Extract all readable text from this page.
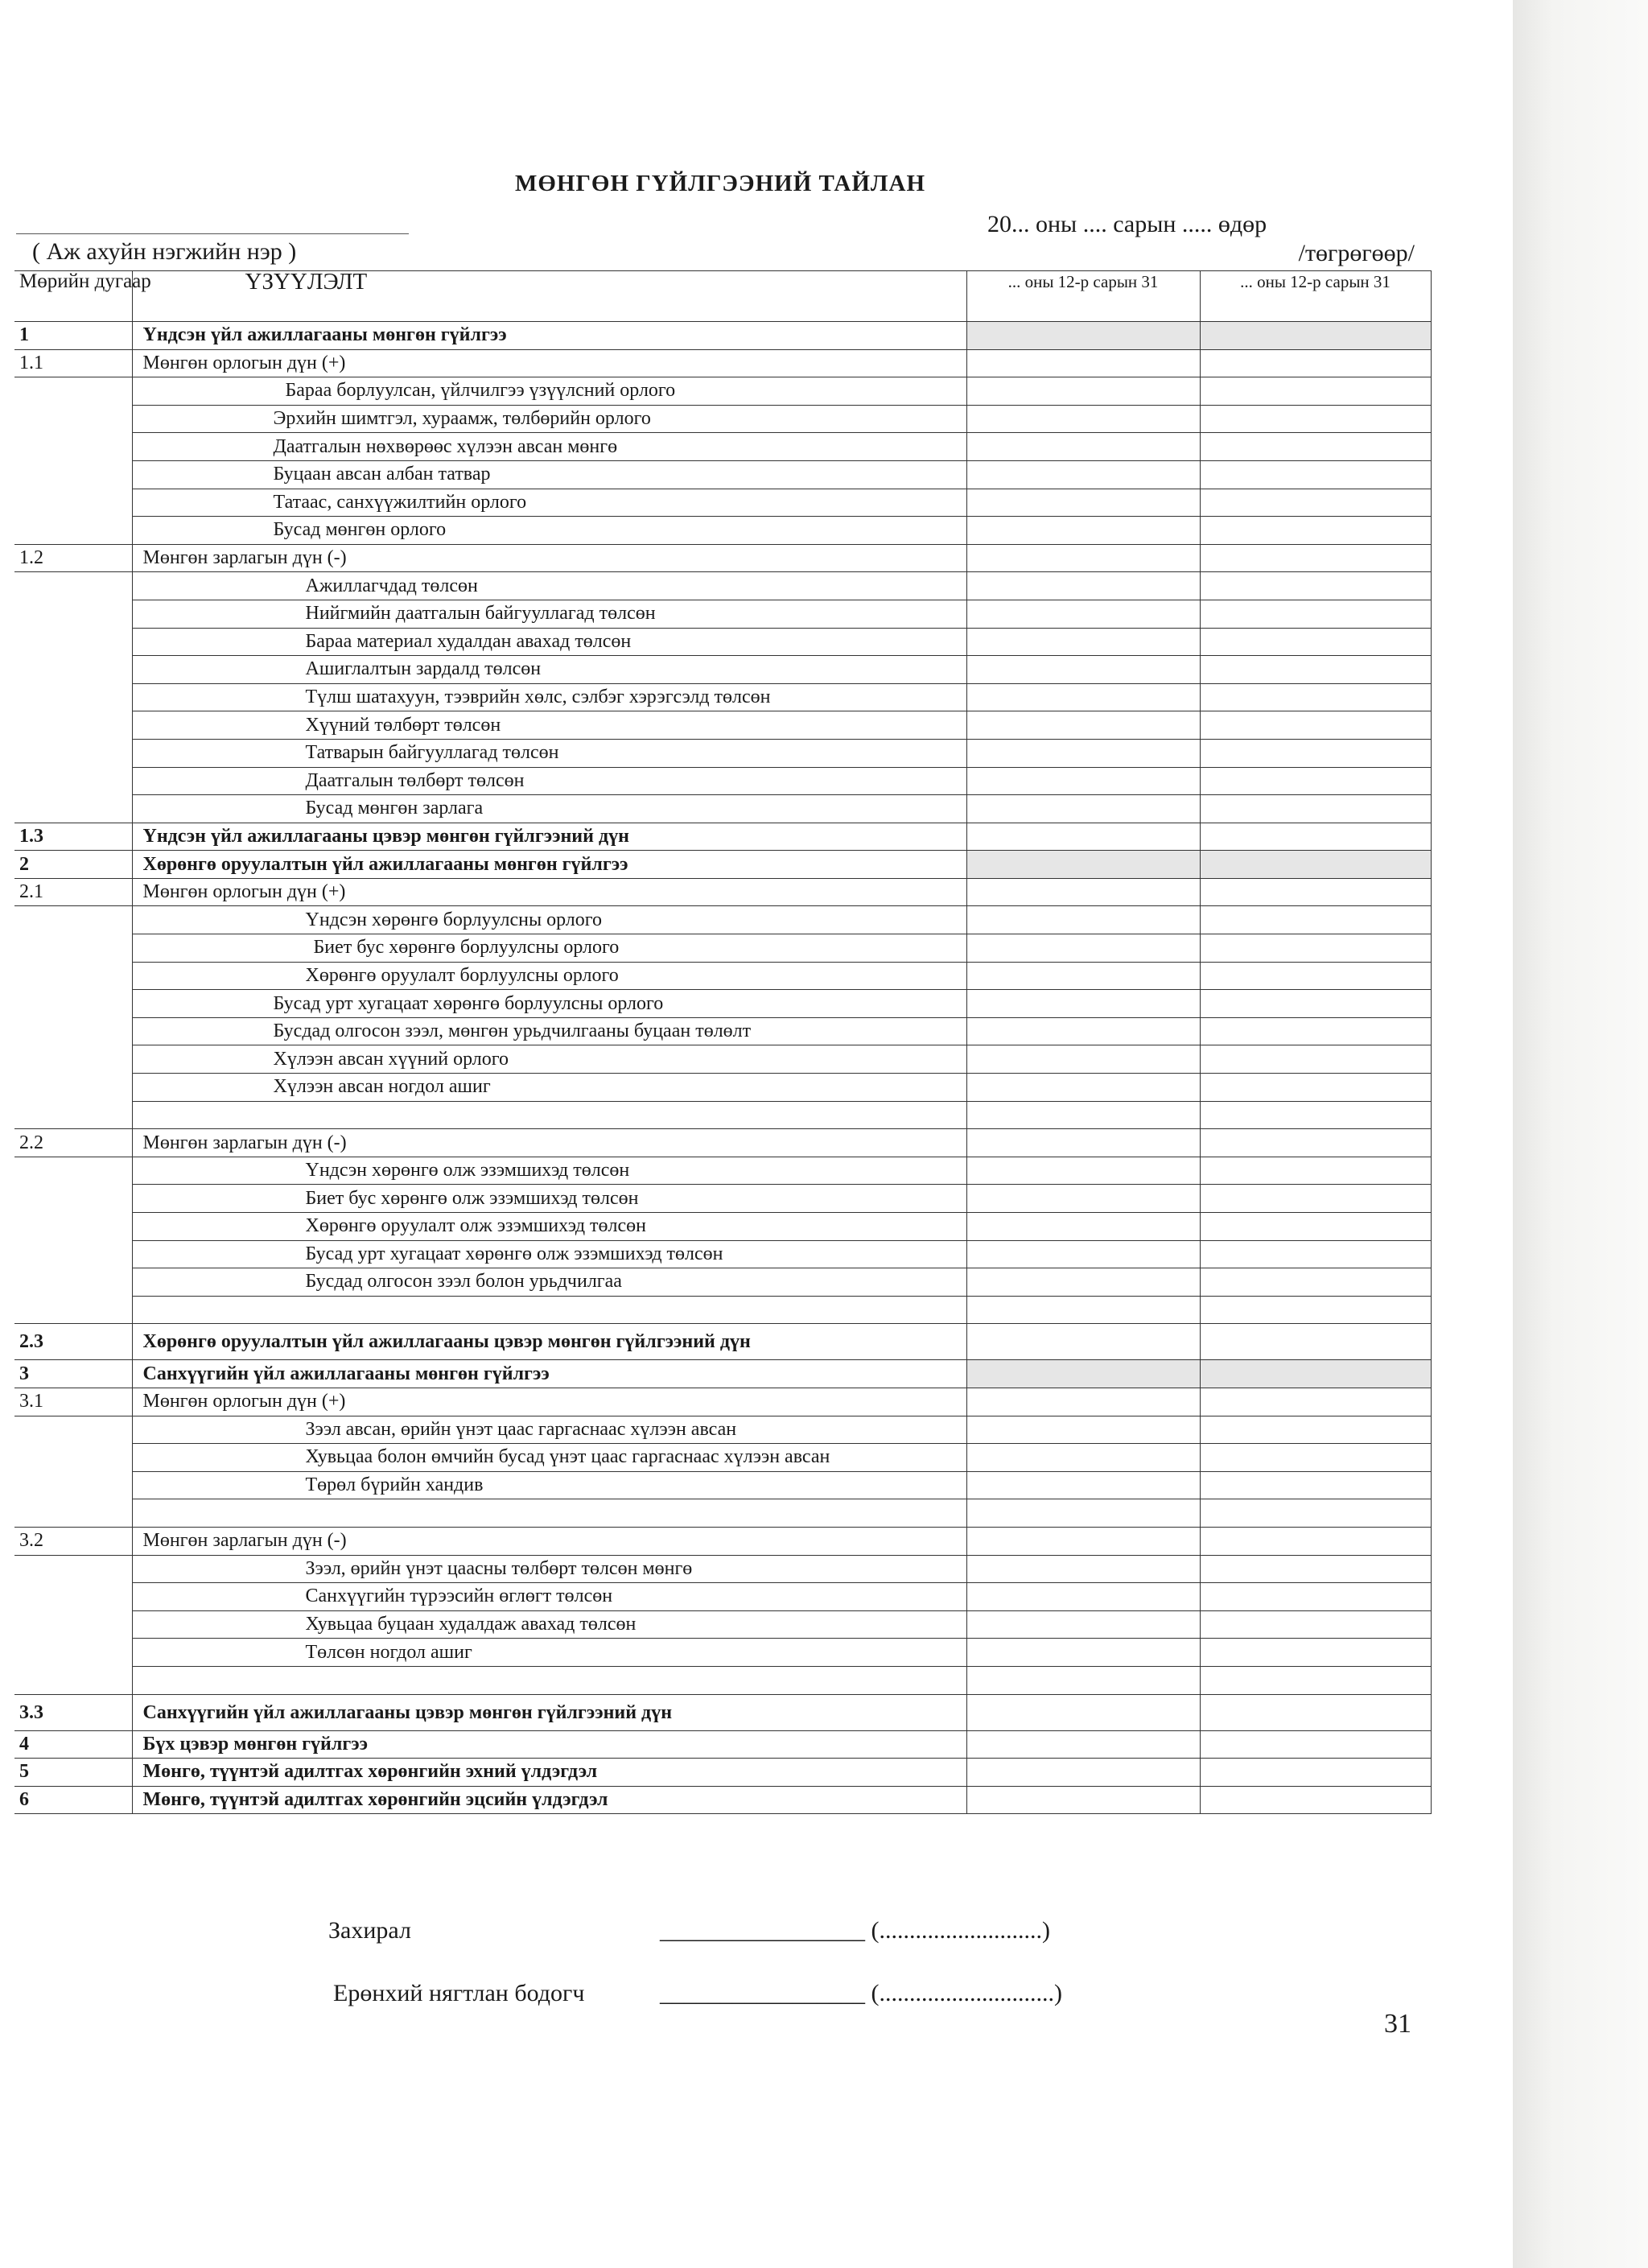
МӨНГӨН ГҮЙЛГЭЭНИЙ ТАЙЛАН
20... оны .... сарын ..... өдөр
( Аж ахуйн нэгжийн нэр )	/төгрөгөөр/
Мөрийн дугаар	ҮЗҮҮЛЭЛТ	... оны 12-р сарын 31	... оны 12-р сарын 31
1	Үндсэн үйл ажиллагааны мөнгөн гүйлгээ		
1.1	Мөнгөн орлогын дүн (+)		
	Бараа борлуулсан, үйлчилгээ үзүүлсний орлого		
	Эрхийн шимтгэл, хураамж, төлбөрийн орлого		
	Даатгалын нөхвөрөөс хүлээн авсан мөнгө		
	Буцаан авсан албан татвар		
	Татаас, санхүүжилтийн орлого		
	Бусад мөнгөн орлого		
1.2	Мөнгөн зарлагын дүн (-)		
	Ажиллагчдад төлсөн		
	Нийгмийн даатгалын байгууллагад төлсөн		
	Бараа материал худалдан авахад төлсөн		
	Ашиглалтын зардалд төлсөн		
	Түлш шатахуун, тээврийн хөлс, сэлбэг хэрэгсэлд төлсөн		
	Хүүний төлбөрт төлсөн		
	Татварын байгууллагад төлсөн		
	Даатгалын төлбөрт төлсөн		
	Бусад мөнгөн зарлага		
1.3	Үндсэн үйл ажиллагааны цэвэр мөнгөн гүйлгээний дүн		
2	Хөрөнгө оруулалтын үйл ажиллагааны мөнгөн гүйлгээ		
2.1	Мөнгөн орлогын дүн (+)		
	Үндсэн хөрөнгө борлуулсны орлого		
	Биет бус хөрөнгө борлуулсны орлого		
	Хөрөнгө оруулалт борлуулсны орлого		
	Бусад урт хугацаат хөрөнгө борлуулсны орлого		
	Бусдад олгосон зээл, мөнгөн урьдчилгааны буцаан төлөлт		
	Хүлээн авсан хүүний орлого		
	Хүлээн авсан ногдол ашиг		

2.2	Мөнгөн зарлагын дүн (-)		
	Үндсэн хөрөнгө олж эзэмшихэд төлсөн		
	Биет бус хөрөнгө олж эзэмшихэд төлсөн		
	Хөрөнгө оруулалт олж эзэмшихэд төлсөн		
	Бусад урт хугацаат хөрөнгө олж эзэмшихэд төлсөн		
	Бусдад олгосон зээл болон урьдчилгаа		

2.3	Хөрөнгө оруулалтын үйл ажиллагааны цэвэр мөнгөн гүйлгээний дүн		
3	Санхүүгийн үйл ажиллагааны мөнгөн гүйлгээ		
3.1	Мөнгөн орлогын дүн (+)		
	Зээл авсан, өрийн үнэт цаас гаргаснаас хүлээн авсан		
	Хувьцаа болон өмчийн бусад үнэт цаас гаргаснаас хүлээн авсан		
	Төрөл бүрийн хандив		

3.2	Мөнгөн зарлагын дүн (-)		
	Зээл, өрийн үнэт цаасны төлбөрт төлсөн мөнгө		
	Санхүүгийн түрээсийн өглөгт төлсөн		
	Хувьцаа буцаан худалдаж авахад төлсөн		
	Төлсөн ногдол ашиг		

3.3	Санхүүгийн үйл ажиллагааны цэвэр мөнгөн гүйлгээний дүн		
4	Бүх цэвэр мөнгөн гүйлгээ		
5	Мөнгө, түүнтэй адилтгах хөрөнгийн эхний үлдэгдэл		
6	Мөнгө, түүнтэй адилтгах хөрөнгийн эцсийн үлдэгдэл		
Захирал	_________________ (...........................)
Ерөнхий нягтлан бодогч	_________________ (.............................)
31
